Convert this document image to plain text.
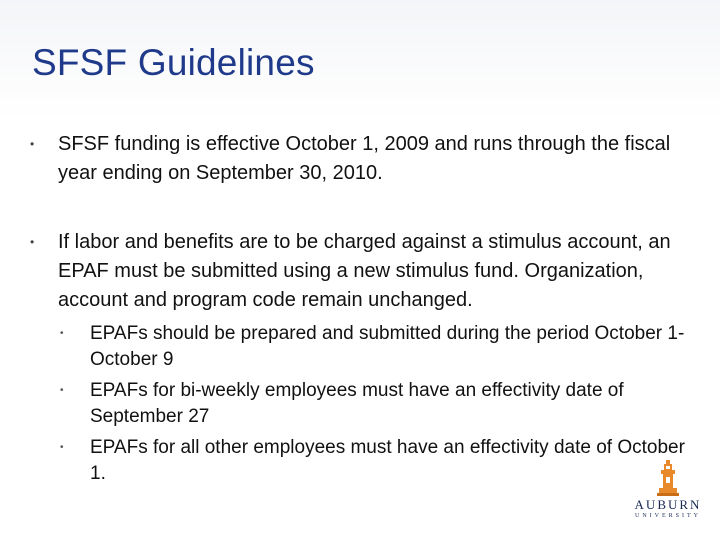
SFSF Guidelines
• SFSF funding is effective October 1, 2009 and runs through the fiscal year ending on September 30, 2010.
• If labor and benefits are to be charged against a stimulus account, an EPAF must be submitted using a new stimulus fund. Organization, account and program code remain unchanged.
• EPAFs should be prepared and submitted during the period October 1- October 9
• EPAFs for bi-weekly employees must have an effectivity date of September 27
• EPAFs for all other employees must have an effectivity date of October 1.
AUBURN
UNIVERSITY
